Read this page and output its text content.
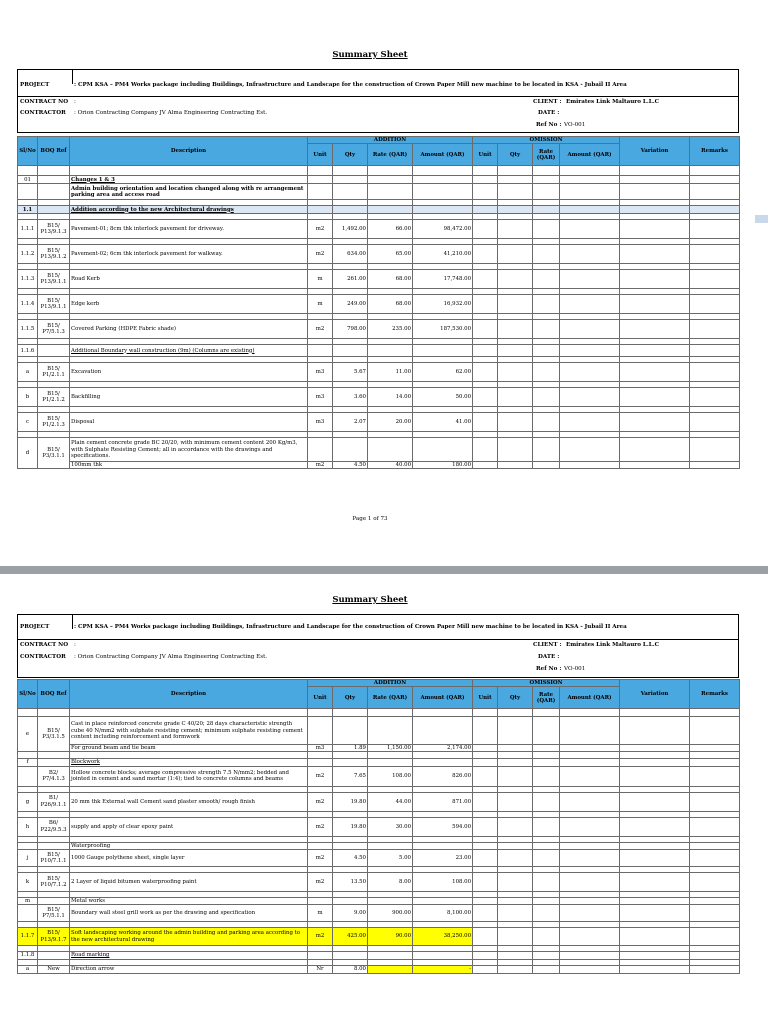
Summary Sheet
PROJECT	: CPM KSA – PM4 Works package including Buildings, Infrastructure and Landscape for the construction of Crown Paper Mill new machine to be located in KSA - Jubail II Area
CONTRACT NO :	CLIENT : Emirates Link Maltauro L.L.C
CONTRACTOR : Orion Contracting Company JV Alma Engineering Contracting Est.	DATE :
Ref No : VO-001
Sl/No	BOQ Ref	Description	ADDITION				OMISSION				Variation	Remarks
			Unit	Qty	Rate (QAR)	Amount (QAR)	Unit	Qty	Rate (QAR)	Amount (QAR)		

01		Changes 1 & 3										
		Admin building orientation and location changed along with re arrangement parking area and access road										

1.1		Addition according to the new Architectural drawings										

1.1.1	B15/ P13/9.1.3	Pavement-01; 8cm thk interlock pavement for driveway.	m2	1,492.00	66.00	98,472.00						

1.1.2	B15/ P13/9.1.2	Pavement-02; 6cm thk interlock pavement for walkway.	m2	634.00	65.00	41,210.00						

1.1.3	B15/ P13/9.1.1	Road Kerb	m	261.00	68.00	17,748.00						

1.1.4	B15/ P13/9.1.1	Edge kerb	m	249.00	68.00	16,932.00						

1.1.5	B15/ P7/5.1.3	Covered Parking (HDPE Fabric shade)	m2	798.00	235.00	187,530.00						

1.1.6		Additional Boundary wall construction (9m) (Columns are existing)										

a	B15/ P1/2.1.1	Excavation	m3	5.67	11.00	62.00						

b	B15/ P1/2.1.2	Backfilling	m3	3.60	14.00	50.00						

c	B15/ P1/2.1.3	Disposal	m3	2.07	20.00	41.00						

d	B15/ P3/3.1.1	Plain cement concrete grade BC 20/20, with minimum cement content 200 Kg/m3, with Sulphate Resisting Cement; all in accordance with the drawings and specifications.										
		100mm thk	m2	4.50	40.00	180.00						
Page 1 of 73
Summary Sheet
PROJECT	: CPM KSA – PM4 Works package including Buildings, Infrastructure and Landscape for the construction of Crown Paper Mill new machine to be located in KSA - Jubail II Area
CONTRACT NO :	CLIENT : Emirates Link Maltauro L.L.C
CONTRACTOR : Orion Contracting Company JV Alma Engineering Contracting Est.	DATE :
Ref No : VO-001
Sl/No	BOQ Ref	Description	ADDITION				OMISSION				Variation	Remarks
			Unit	Qty	Rate (QAR)	Amount (QAR)	Unit	Qty	Rate (QAR)	Amount (QAR)		

e	B15/ P3/3.1.5	Cast in place reinforced concrete grade C 40/20; 28 days characteristic strength cube 40 N/mm2 with sulphate resisting cement; minimum sulphate resisting cement content including reinforcement and formwork										
		For ground beam and tie beam	m3	1.89	1,150.00	2,174.00						

f		Blockwork										
	B2/ P7/4.1.3	Hollow concrete blocks; average compressive strength 7.5 N/mm2; bedded and jointed in cement and sand mortar (1:4); tied to concrete columns and beams	m2	7.65	108.00	826.00						

g	B1/ P26/9.1.1	20 mm thk External wall Cement sand plaster smooth/ rough finish	m2	19.80	44.00	871.00						

h	B6/ P22/9.5.3	supply and apply of clear epoxy paint	m2	19.80	30.00	594.00						

		Waterproofing										
j	B15/ P10/7.1.1	1000 Gauge polythene sheet, single layer	m2	4.50	5.00	23.00						

k	B15/ P10/7.1.2	2 Layer of liquid bitumen waterproofing paint	m2	13.50	8.00	108.00						

m		Metal works										
	B15/ P7/5.1.1	Boundary wall steel grill work as per the drawing and specification	m	9.00	900.00	8,100.00						

1.1.7	B15/ P13/9.1.7	Soft landscaping working around the admin building and parking area according to the new architectural drawing	m2	425.00	90.00	38,250.00						

1.1.8		Road marking										

a	New	Direction arrow	Nr	8.00		-						
